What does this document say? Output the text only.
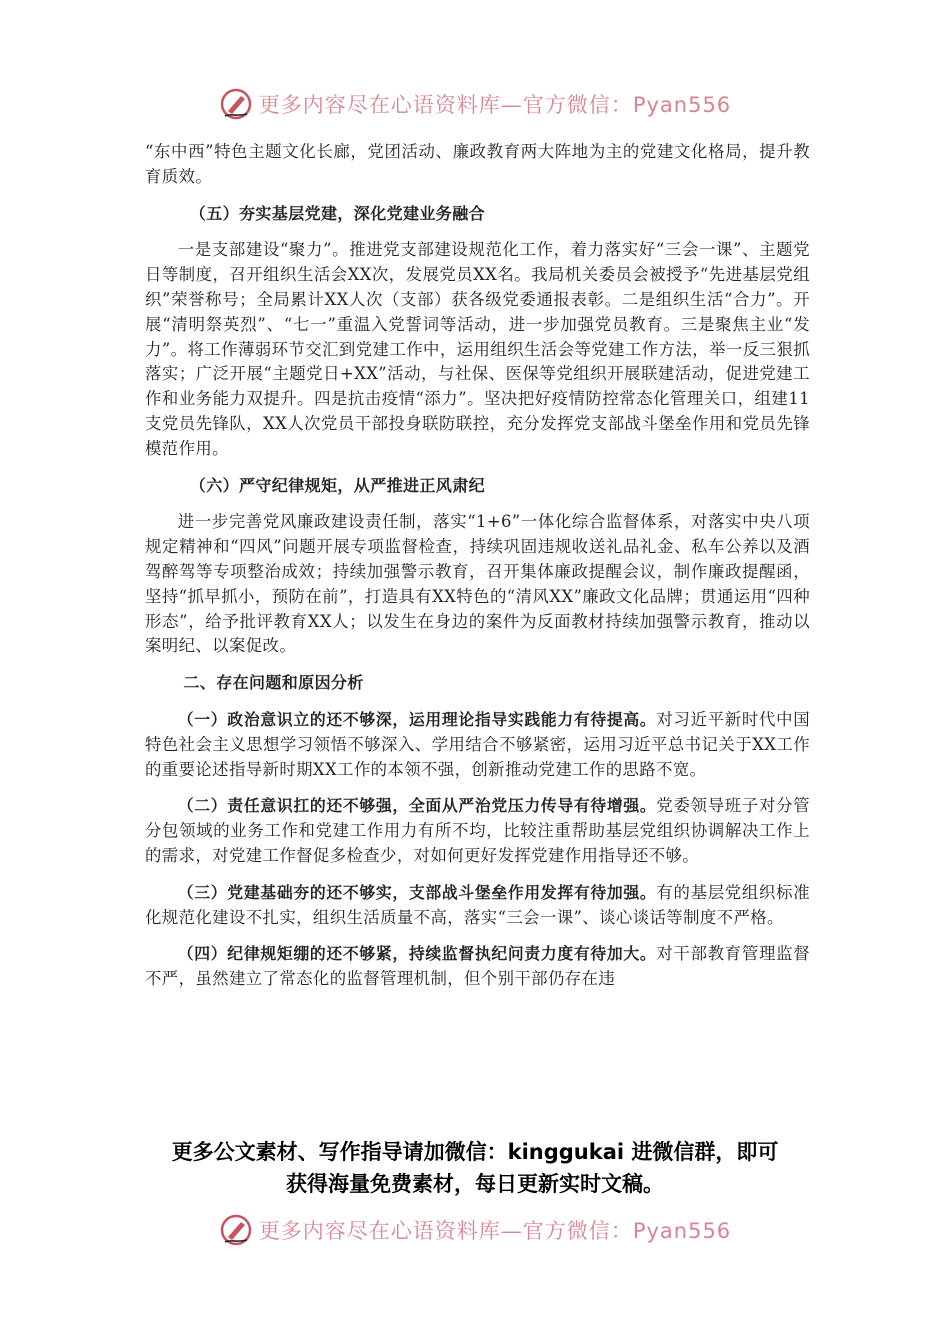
更多内容尽在心语资料库—官方微信：Pyan556

“东中西”特色主题文化长廊，党团活动、廉政教育两大阵地为主的党建文化格局，提升教育质效。

（五）夯实基层党建，深化党建业务融合

一是支部建设“聚力”。推进党支部建设规范化工作，着力落实好“三会一课”、主题党日等制度，召开组织生活会XX次，发展党员XX名。我局机关委员会被授予“先进基层党组织”荣誉称号；全局累计XX人次（支部）获各级党委通报表彰。二是组织生活“合力”。开展“清明祭英烈”、“七一”重温入党誓词等活动，进一步加强党员教育。三是聚焦主业“发力”。将工作薄弱环节交汇到党建工作中，运用组织生活会等党建工作方法，举一反三狠抓落实；广泛开展“主题党日+XX”活动，与社保、医保等党组织开展联建活动，促进党建工作和业务能力双提升。四是抗击疫情“添力”。坚决把好疫情防控常态化管理关口，组建11支党员先锋队，XX人次党员干部投身联防联控，充分发挥党支部战斗堡垒作用和党员先锋模范作用。

（六）严守纪律规矩，从严推进正风肃纪

进一步完善党风廉政建设责任制，落实“1+6”一体化综合监督体系，对落实中央八项规定精神和“四风”问题开展专项监督检查，持续巩固违规收送礼品礼金、私车公养以及酒驾醉驾等专项整治成效；持续加强警示教育，召开集体廉政提醒会议，制作廉政提醒函，坚持“抓早抓小，预防在前”，打造具有XX特色的“清风XX”廉政文化品牌；贯通运用“四种形态”，给予批评教育XX人；以发生在身边的案件为反面教材持续加强警示教育，推动以案明纪、以案促改。

二、存在问题和原因分析

（一）政治意识立的还不够深，运用理论指导实践能力有待提高。对习近平新时代中国特色社会主义思想学习领悟不够深入、学用结合不够紧密，运用习近平总书记关于XX工作的重要论述指导新时期XX工作的本领不强，创新推动党建工作的思路不宽。

（二）责任意识扛的还不够强，全面从严治党压力传导有待增强。党委领导班子对分管分包领域的业务工作和党建工作用力有所不均，比较注重帮助基层党组织协调解决工作上的需求，对党建工作督促多检查少，对如何更好发挥党建作用指导还不够。

（三）党建基础夯的还不够实，支部战斗堡垒作用发挥有待加强。有的基层党组织标准化规范化建设不扎实，组织生活质量不高，落实“三会一课”、谈心谈话等制度不严格。

（四）纪律规矩绷的还不够紧，持续监督执纪问责力度有待加大。对干部教育管理监督不严，虽然建立了常态化的监督管理机制，但个别干部仍存在违

更多公文素材、写作指导请加微信：kinggukai 进微信群，即可
获得海量免费素材，每日更新实时文稿。
更多内容尽在心语资料库—官方微信：Pyan556
